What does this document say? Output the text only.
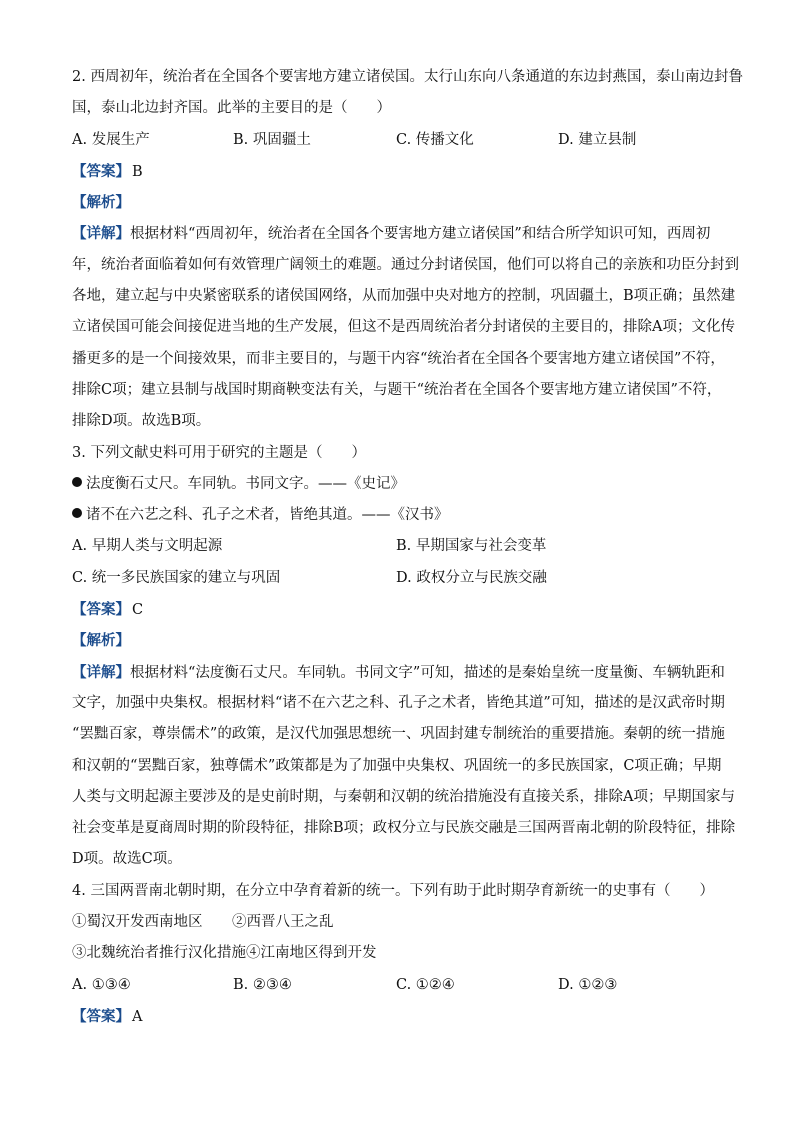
2. 西周初年，统治者在全国各个要害地方建立诸侯国。太行山东向八条通道的东边封燕国，泰山南边封鲁
国，泰山北边封齐国。此举的主要目的是（　　）
A. 发展生产	B. 巩固疆土	C. 传播文化	D. 建立县制
【答案】 B
【解析】
【详解】根据材料“西周初年，统治者在全国各个要害地方建立诸侯国”和结合所学知识可知，西周初
年，统治者面临着如何有效管理广阔领土的难题。通过分封诸侯国，他们可以将自己的亲族和功臣分封到
各地，建立起与中央紧密联系的诸侯国网络，从而加强中央对地方的控制，巩固疆土，B项正确；虽然建
立诸侯国可能会间接促进当地的生产发展，但这不是西周统治者分封诸侯的主要目的，排除A项；文化传
播更多的是一个间接效果，而非主要目的，与题干内容“统治者在全国各个要害地方建立诸侯国”不符，
排除C项；建立县制与战国时期商鞅变法有关，与题干“统治者在全国各个要害地方建立诸侯国”不符，
排除D项。故选B项。
3. 下列文献史料可用于研究的主题是（　　）
法度衡石丈尺。车同轨。书同文字。——《史记》
诸不在六艺之科、孔子之术者，皆绝其道。——《汉书》
A. 早期人类与文明起源	B. 早期国家与社会变革
C. 统一多民族国家的建立与巩固	D. 政权分立与民族交融
【答案】 C
【解析】
【详解】根据材料“法度衡石丈尺。车同轨。书同文字”可知，描述的是秦始皇统一度量衡、车辆轨距和
文字，加强中央集权。根据材料“诸不在六艺之科、孔子之术者，皆绝其道”可知，描述的是汉武帝时期
“罢黜百家，尊崇儒术”的政策，是汉代加强思想统一、巩固封建专制统治的重要措施。秦朝的统一措施
和汉朝的“罢黜百家，独尊儒术”政策都是为了加强中央集权、巩固统一的多民族国家，C项正确；早期
人类与文明起源主要涉及的是史前时期，与秦朝和汉朝的统治措施没有直接关系，排除A项；早期国家与
社会变革是夏商周时期的阶段特征，排除B项；政权分立与民族交融是三国两晋南北朝的阶段特征，排除
D项。故选C项。
4. 三国两晋南北朝时期，在分立中孕育着新的统一。下列有助于此时期孕育新统一的史事有（　　）
①蜀汉开发西南地区 ②西晋八王之乱
③北魏统治者推行汉化措施④江南地区得到开发
A. ①③④	B. ②③④	C. ①②④	D. ①②③
【答案】 A
